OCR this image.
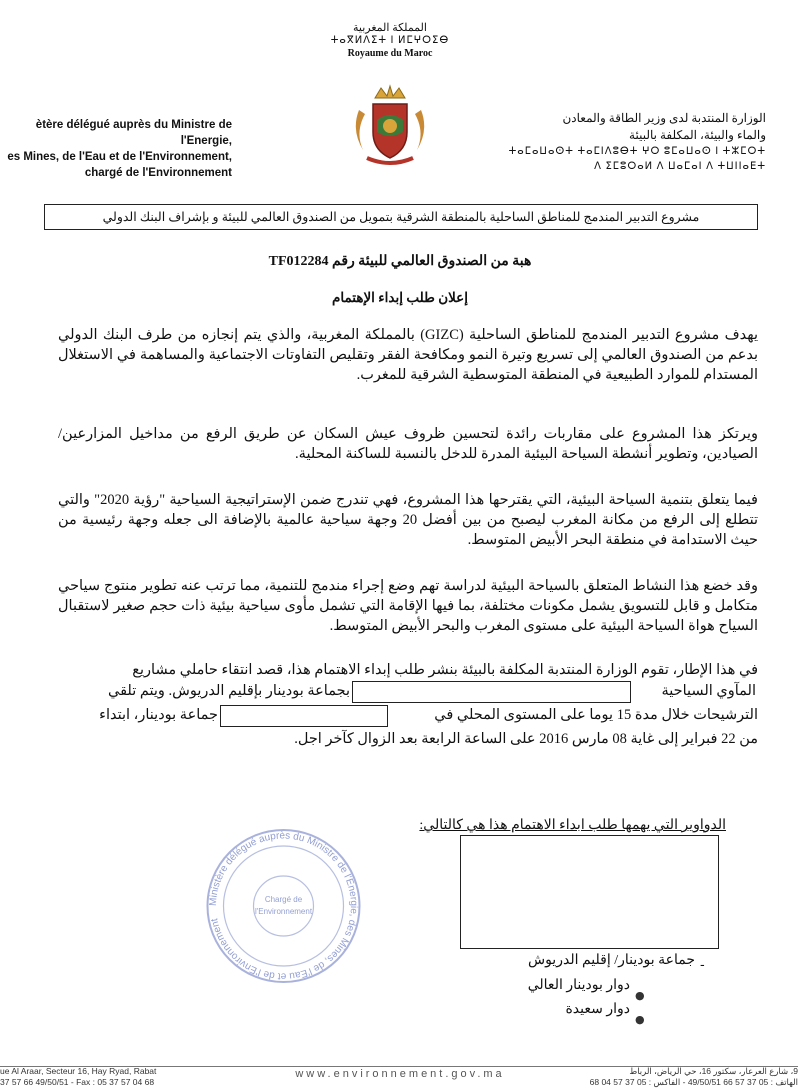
المملكة المغربية
ⵜⴰⴳⵍⴷⵉⵜ ⵏ ⵍⵎⵖⵔⵉⴱ
Royaume du Maroc
ètère délégué auprès du Ministre de l'Energie,
es Mines, de l'Eau et de l'Environnement,
chargé de l'Environnement
الوزارة المنتدبة لدى وزير الطاقة والمعادن
والماء والبيئة، المكلفة بالبيئة
ⵜⴰⵎⴰⵡⴰⵙⵜ ⵜⴰⵎⵏⴷⵓⴱⵜ ⵖⵔ ⵓⵎⴰⵡⴰⵙ ⵏ ⵜⵣⵎⵔⵜ
ⴷ ⵉⵎⵓⵔⴰⵍ ⴷ ⵡⴰⵎⴰⵏ ⴷ ⵜⵡⵏⵏⴰⴹⵜ
مشروع التدبير المندمج للمناطق الساحلية بالمنطقة الشرقية بتمويل من الصندوق العالمي للبيئة و بإشراف البنك الدولي
هبة من الصندوق العالمي للبيئة رقم TF012284
إعلان طلب إبداء الإهتمام
يهدف مشروع التدبير المندمج للمناطق الساحلية (GIZC) بالمملكة المغربية، والذي يتم إنجازه من طرف البنك الدولي بدعم من الصندوق العالمي إلى تسريع وتيرة النمو ومكافحة الفقر وتقليص التفاوتات الاجتماعية والمساهمة في الاستغلال المستدام للموارد الطبيعية في المنطقة المتوسطية الشرقية للمغرب.
ويرتكز هذا المشروع على مقاربات رائدة لتحسين ظروف عيش السكان عن طريق الرفع من مداخيل المزارعين/الصيادين، وتطوير أنشطة السياحة البيئية المدرة للدخل بالنسبة للساكنة المحلية.
فيما يتعلق بتنمية السياحة البيئية، التي يقترحها هذا المشروع، فهي تندرج ضمن الإستراتيجية السياحية "رؤية 2020" والتي تتطلع إلى الرفع من مكانة المغرب ليصبح من بين أفضل 20 وجهة سياحية عالمية بالإضافة الى جعله وجهة رئيسية من حيث الاستدامة في منطقة البحر الأبيض المتوسط.
وقد خضع هذا النشاط المتعلق بالسياحة البيئية لدراسة تهم وضع إجراء مندمج للتنمية، مما ترتب عنه تطوير منتوج سياحي متكامل و قابل للتسويق يشمل مكونات مختلفة، بما فيها الإقامة التي تشمل مأوى سياحية بيئية ذات حجم صغير لاستقبال السياح هواة السياحة البيئية على مستوى المغرب والبحر الأبيض المتوسط.
في هذا الإطار، تقوم الوزارة المنتدبة المكلفة بالبيئة بنشر طلب إبداء الاهتمام هذا، قصد انتقاء حاملي مشاريع
المآوي السياحية
بجماعة بودينار بإقليم الدريوش. ويتم تلقي
الترشيحات خلال مدة 15 يوما على المستوى المحلي في
جماعة بودينار، ابتداء
من 22 فبراير إلى غاية 08 مارس 2016 على الساعة الرابعة بعد الزوال كآخر اجل.
الدواوير التي يهمها طلب ابداء الاهتمام هذا هي كالتالي:
Ministère délégué auprès du Ministre de l'Energie, des Mines, de l'Eau et de l'Environnement
Chargé de
l'Environnement
-
جماعة بودينار/ إقليم الدريوش
●
دوار بودينار العالي
●
دوار سعيدة
ue Al Araar, Secteur 16, Hay Ryad, Rabat
37 57 66 49/50/51 - Fax : 05 37 57 04 68
www.environnement.gov.ma	9، شارع العرعار، سكتور 16، حي الرياض، الرباط
الهاتف : 05 37 57 66 49/50/51 - الفاكس : 05 37 57 04 68
